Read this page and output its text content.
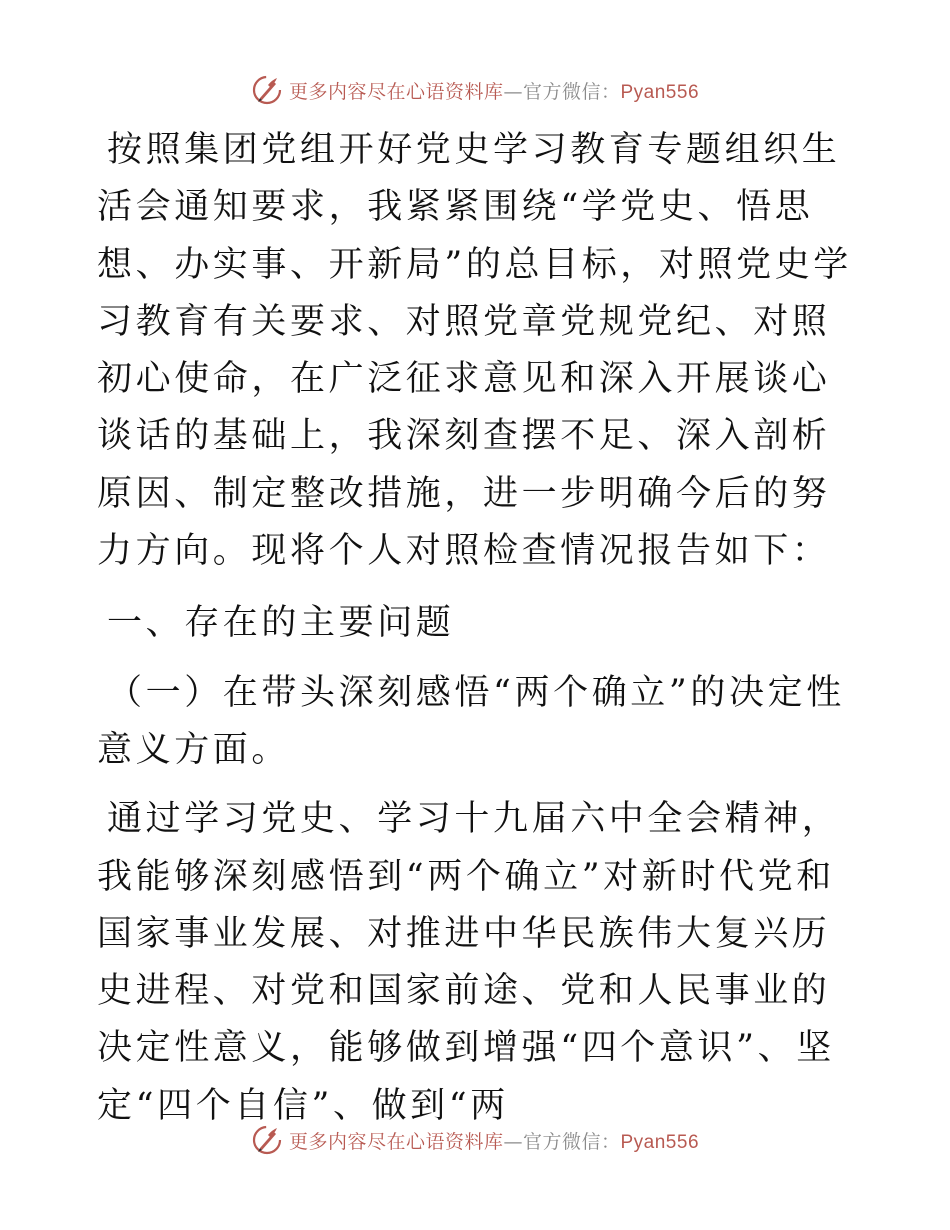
更多内容尽在心语资料库—官方微信：Pyan556

按照集团党组开好党史学习教育专题组织生活会通知要求，我紧紧围绕“学党史、悟思想、办实事、开新局”的总目标，对照党史学习教育有关要求、对照党章党规党纪、对照初心使命，在广泛征求意见和深入开展谈心谈话的基础上，我深刻查摆不足、深入剖析原因、制定整改措施，进一步明确今后的努力方向。现将个人对照检查情况报告如下：

一、存在的主要问题

（一）在带头深刻感悟“两个确立”的决定性意义方面。

通过学习党史、学习十九届六中全会精神，我能够深刻感悟到“两个确立”对新时代党和国家事业发展、对推进中华民族伟大复兴历史进程、对党和国家前途、党和人民事业的决定性意义，能够做到增强“四个意识”、坚定“四个自信”、做到“两

更多内容尽在心语资料库—官方微信：Pyan556
